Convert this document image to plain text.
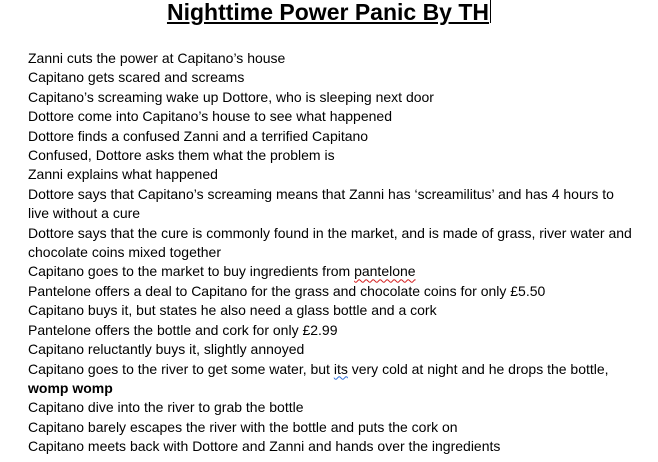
Nighttime Power Panic By TH
Zanni cuts the power at Capitano’s house
Capitano gets scared and screams
Capitano’s screaming wake up Dottore, who is sleeping next door
Dottore come into Capitano’s house to see what happened
Dottore finds a confused Zanni and a terrified Capitano
Confused, Dottore asks them what the problem is
Zanni explains what happened
Dottore says that Capitano’s screaming means that Zanni has ‘screamilitus’ and has 4 hours to live without a cure
Dottore says that the cure is commonly found in the market, and is made of grass, river water and chocolate coins mixed together
Capitano goes to the market to buy ingredients from pantelone
Pantelone offers a deal to Capitano for the grass and chocolate coins for only £5.50
Capitano buys it, but states he also need a glass bottle and a cork
Pantelone offers the bottle and cork for only £2.99
Capitano reluctantly buys it, slightly annoyed
Capitano goes to the river to get some water, but its very cold at night and he drops the bottle, womp womp
Capitano dive into the river to grab the bottle
Capitano barely escapes the river with the bottle and puts the cork on
Capitano meets back with Dottore and Zanni and hands over the ingredients
